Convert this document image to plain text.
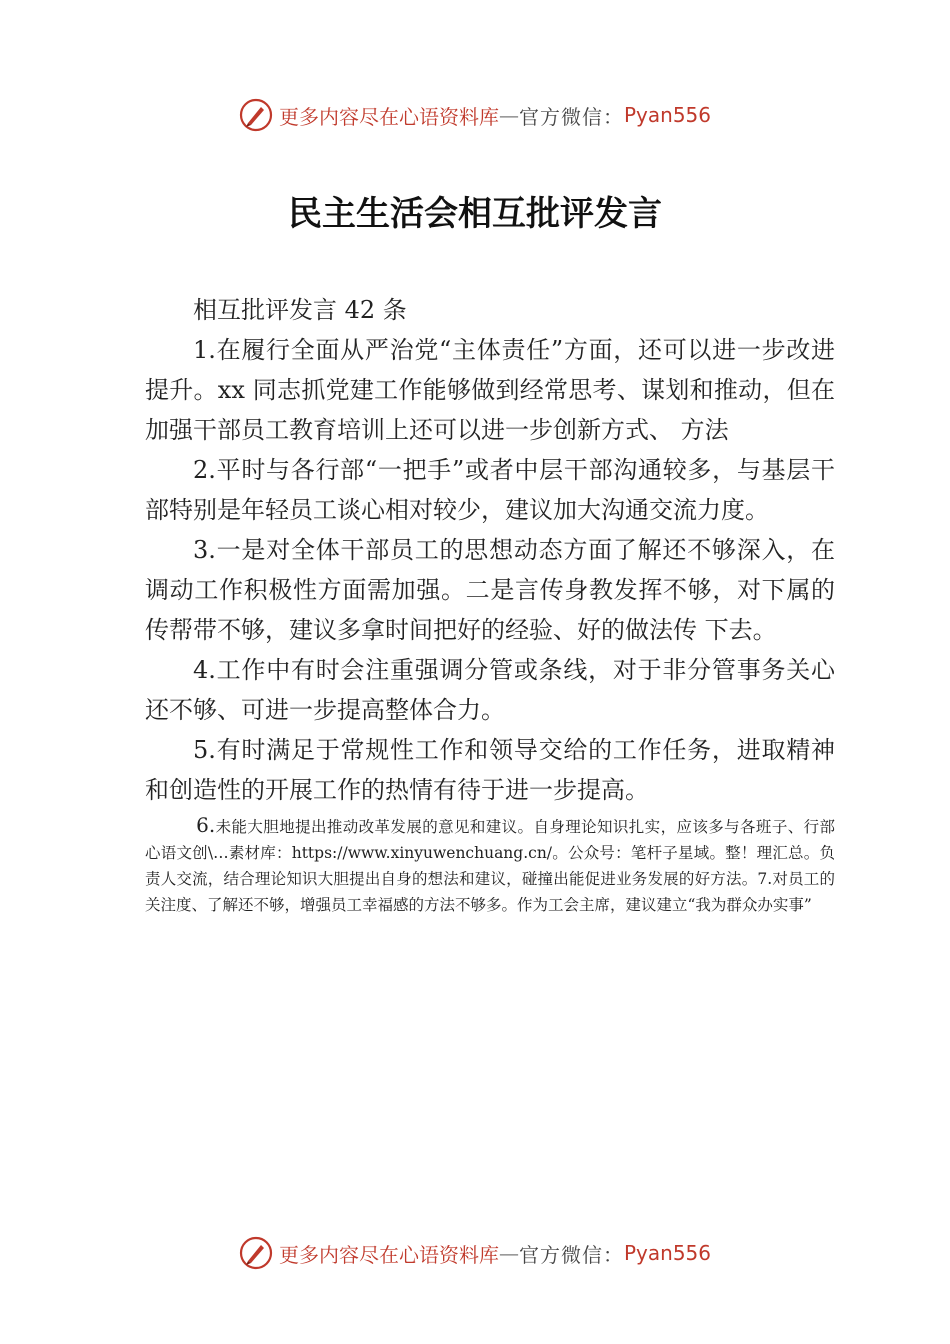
更多内容尽在心语资料库 — 官方微信： Pyan556
民主生活会相互批评发言

相互批评发言 42 条

1.在履行全面从严治党“主体责任”方面，还可以进一步改进提升。xx 同志抓党建工作能够做到经常思考、谋划和推动，但在加强干部员工教育培训上还可以进一步创新方式、 方法

2.平时与各行部“一把手”或者中层干部沟通较多，与基层干部特别是年轻员工谈心相对较少，建议加大沟通交流力度。

3.一是对全体干部员工的思想动态方面了解还不够深入，在调动工作积极性方面需加强。二是言传身教发挥不够，对下属的传帮带不够，建议多拿时间把好的经验、好的做法传 下去。

4.工作中有时会注重强调分管或条线，对于非分管事务关心还不够、可进一步提高整体合力。

5.有时满足于常规性工作和领导交给的工作任务，进取精神和创造性的开展工作的热情有待于进一步提高。

6.未能大胆地提出推动改革发展的意见和建议。自身理论知识扎实，应该多与各班子、行部心语文创\…素材库：https://www.xinyuwenchuang.cn/。公众号：笔杆子星域。整！理汇总。负责人交流，结合理论知识大胆提出自身的想法和建议，碰撞出能促进业务发展的好方法。7.对员工的关注度、了解还不够，增强员工幸福感的方法不够多。作为工会主席，建议建立“我为群众办实事”

更多内容尽在心语资料库 — 官方微信： Pyan556
